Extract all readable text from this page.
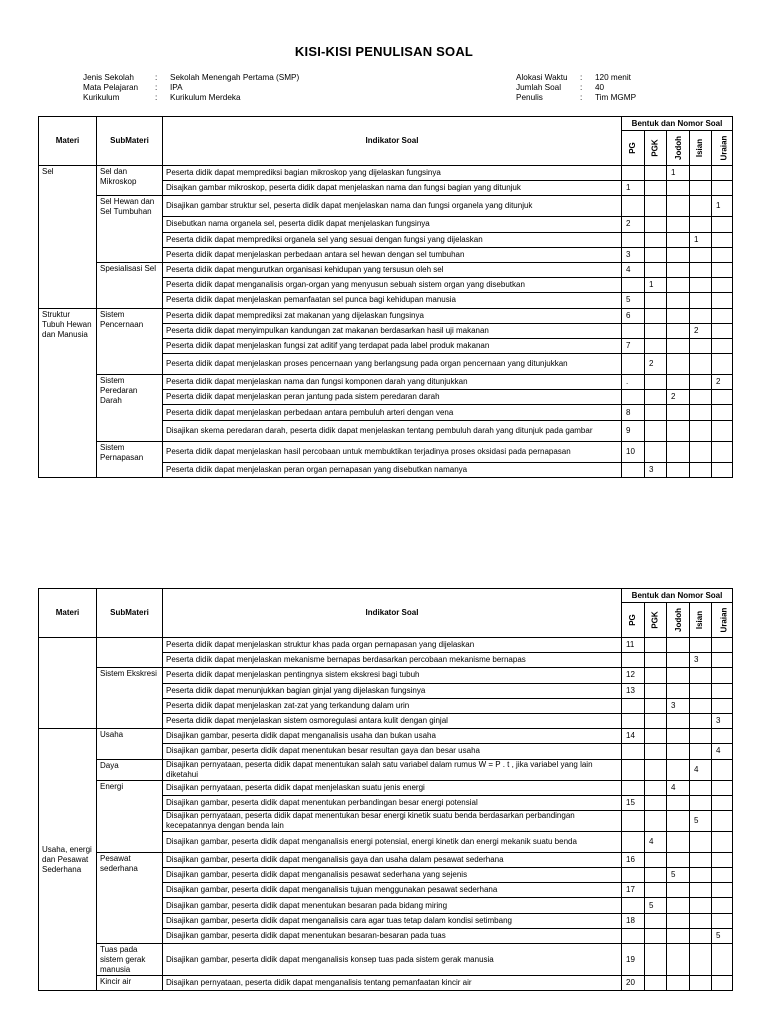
KISI-KISI PENULISAN SOAL
Jenis Sekolah	:	Sekolah Menengah Pertama (SMP)
Mata Pelajaran	:	IPA
Kurikulum	:	Kurikulum Merdeka
Alokasi Waktu	:	120 menit
Jumlah Soal	:	40
Penulis	:	Tim MGMP
Materi	SubMateri	Indikator Soal	Bentuk dan Nomor Soal				
			PG	PGK	Jodoh	Isian	Uraian
Sel	Sel dan Mikroskop	Peserta didik dapat memprediksi bagian mikroskop yang dijelaskan fungsinya			1		
		Disajkan gambar mikroskop, peserta didik dapat menjelaskan nama dan fungsi bagian yang ditunjuk	1				
	Sel Hewan dan Sel Tumbuhan	Disajikan gambar struktur sel, peserta didik dapat menjelaskan nama dan fungsi organela yang ditunjuk					1
		Disebutkan nama organela sel, peserta didik dapat menjelaskan fungsinya	2				
		Peserta didik dapat memprediksi organela sel yang sesuai dengan fungsi yang dijelaskan				1	
		Peserta didik dapat menjelaskan perbedaan antara sel hewan dengan sel tumbuhan	3				
	Spesialisasi Sel	Peserta didik dapat mengurutkan organisasi kehidupan yang tersusun oleh sel	4				
		Peserta didik dapat menganalisis organ-organ yang menyusun sebuah sistem organ yang disebutkan		1			
		Peserta didik dapat menjelaskan pemanfaatan sel punca bagi kehidupan manusia	5				
Struktur Tubuh Hewan dan Manusia	Sistem Pencernaan	Peserta didik dapat memprediksi zat makanan yang dijelaskan fungsinya	6				
		Peserta didik dapat menyimpulkan kandungan zat makanan berdasarkan hasil uji makanan				2	
		Peserta didik dapat menjelaskan fungsi zat aditif yang terdapat pada label produk makanan	7				
		Peserta didik dapat menjelaskan proses pencernaan yang berlangsung pada organ pencernaan yang ditunjukkan		2			
	Sistem Peredaran Darah	Peserta didik dapat menjelaskan nama dan fungsi komponen darah yang ditunjukkan	.				2
		Peserta didik dapat menjelaskan peran jantung pada sistem peredaran darah			2		
		Peserta didik dapat menjelaskan perbedaan antara pembuluh arteri dengan vena	8				
		Disajikan skema peredaran darah, peserta didik dapat menjelaskan tentang pembuluh darah yang ditunjuk pada gambar	9				
	Sistem Pernapasan	Peserta didik dapat menjelaskan hasil percobaan untuk membuktikan terjadinya proses oksidasi pada pernapasan	10				
		Peserta didik dapat menjelaskan peran organ pernapasan yang disebutkan namanya		3			
Materi	SubMateri	Indikator Soal	Bentuk dan Nomor Soal				
			PG	PGK	Jodoh	Isian	Uraian
		Peserta didik dapat menjelaskan struktur khas pada organ pernapasan yang dijelaskan	11				
		Peserta didik dapat menjelaskan mekanisme bernapas berdasarkan percobaan mekanisme bernapas				3	
	Sistem Ekskresi	Peserta didik dapat menjelaskan pentingnya sistem ekskresi bagi tubuh	12				
		Peserta didik dapat menunjukkan bagian ginjal yang dijelaskan fungsinya	13				
		Peserta didik dapat menjelaskan zat-zat yang terkandung dalam urin			3		
		Peserta didik dapat menjelaskan sistem osmoregulasi antara kulit dengan ginjal					3
Usaha, energi dan Pesawat Sederhana	Usaha	Disajikan gambar, peserta didik dapat menganalisis usaha dan bukan usaha	14				
		Disajikan gambar, peserta didik dapat menentukan besar resultan gaya dan besar usaha					4
	Daya	Disajikan pernyataan, peserta didik dapat menentukan salah satu variabel dalam rumus W = P . t , jika variabel yang lain diketahui				4	
	Energi	Disajikan pernyataan, peserta didik dapat menjelaskan suatu jenis energi			4		
		Disajikan gambar, peserta didik dapat menentukan perbandingan besar energi potensial	15				
		Disajikan pernyataan, peserta didik dapat menentukan besar energi kinetik suatu benda berdasarkan perbandingan kecepatannya dengan benda lain				5	
		Disajikan gambar, peserta didik dapat menganalisis energi potensial, energi kinetik dan energi mekanik suatu benda		4			
	Pesawat sederhana	Disajikan gambar, peserta didik dapat menganalisis gaya dan usaha dalam pesawat sederhana	16				
		Disajikan gambar, peserta didik dapat menganalisis pesawat sederhana yang sejenis			5		
		Disajikan gambar, peserta didik dapat menganalisis tujuan menggunakan pesawat sederhana	17				
		Disajikan gambar, peserta didik dapat menentukan besaran pada bidang miring		5			
		Disajikan gambar, peserta didik dapat menganalisis cara agar tuas tetap dalam kondisi setimbang	18				
		Disajikan gambar, peserta didik dapat menentukan besaran-besaran pada tuas					5
	Tuas pada sistem gerak manusia	Disajikan gambar, peserta didik dapat menganalisis konsep tuas pada sistem gerak manusia	19				
	Kincir air	Disajikan pernyataan, peserta didik dapat menganalisis tentang pemanfaatan kincir air	20				
